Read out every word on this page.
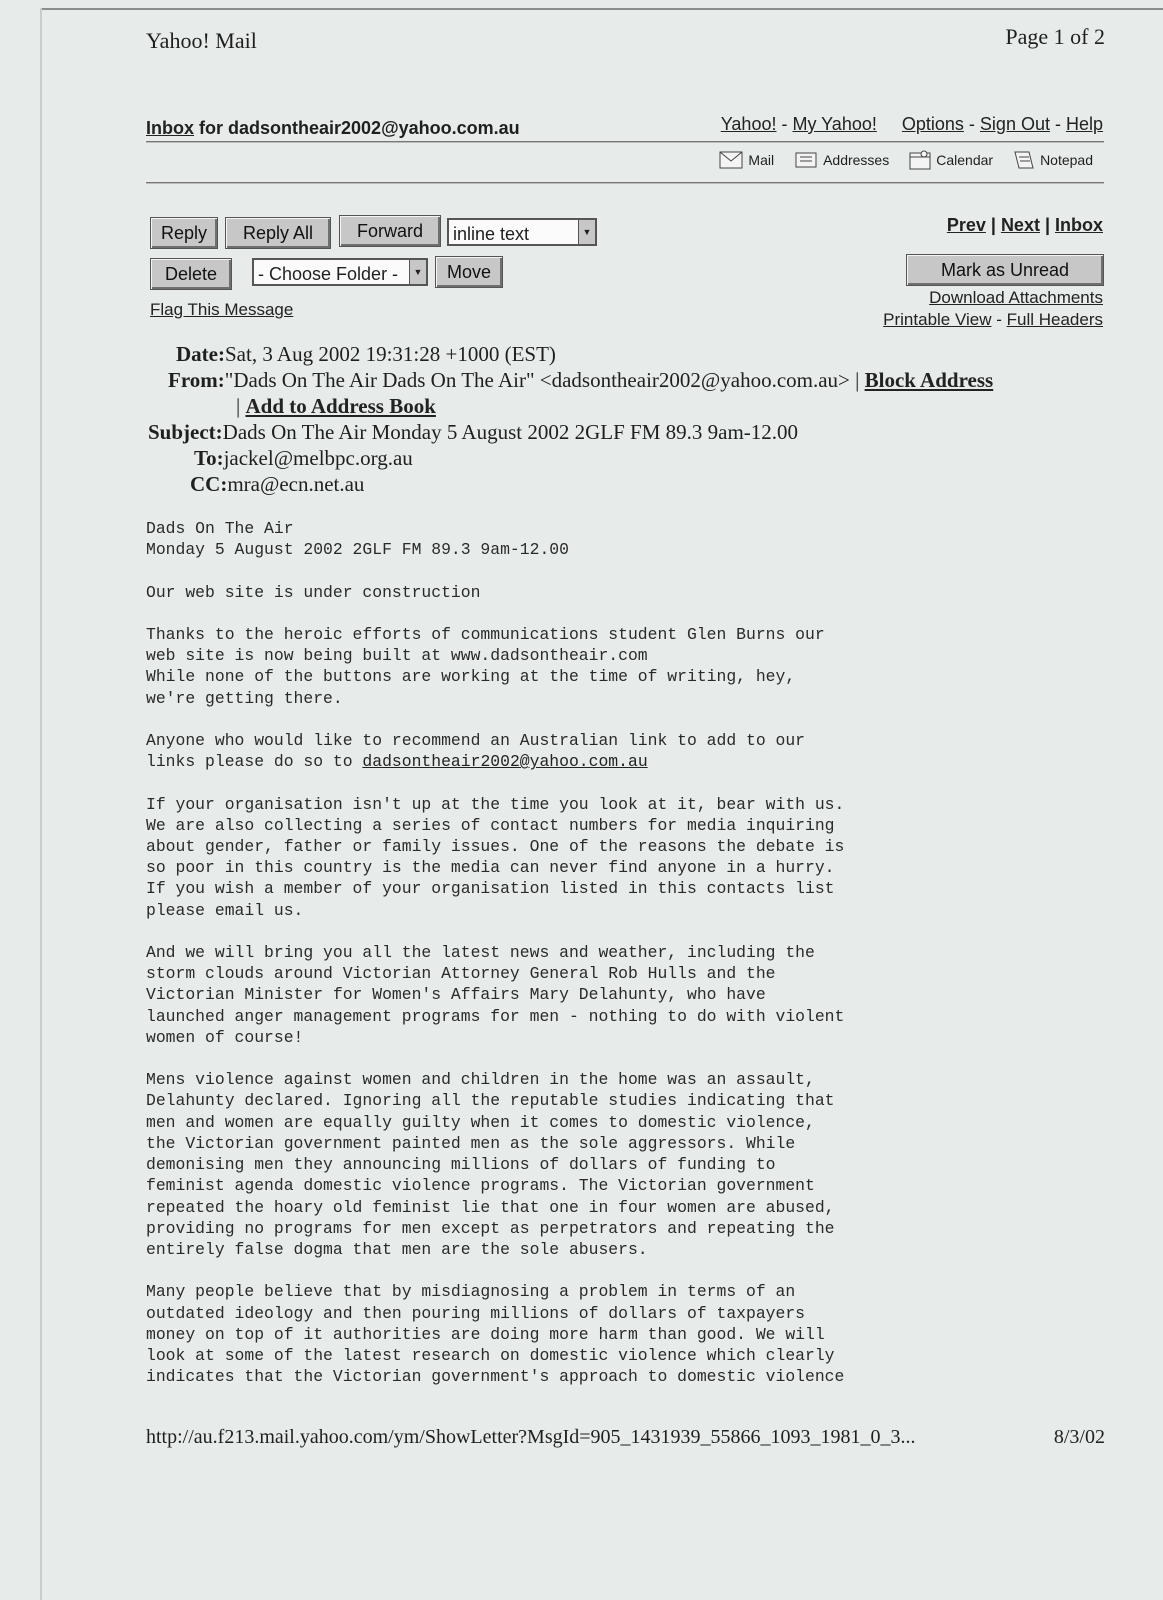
Yahoo! Mail	Page 1 of 2
Inbox for dadsontheair2002@yahoo.com.au	Yahoo! - My Yahoo! Options - Sign Out - Help
Mail	Addresses	Calendar	Notepad
Reply	Reply All	Forward	inline text	▼
Delete	- Choose Folder -	▼	Move
Prev | Next | Inbox
Mark as Unread
Flag This Message
Download Attachments
Printable View - Full Headers
Date:Sat, 3 Aug 2002 19:31:28 +1000 (EST)
From:"Dads On The Air Dads On The Air" <dadsontheair2002@yahoo.com.au> | Block Address
| Add to Address Book
Subject:Dads On The Air Monday 5 August 2002 2GLF FM 89.3 9am-12.00
To:jackel@melbpc.org.au
CC:mra@ecn.net.au
Dads On The Air
Monday 5 August 2002 2GLF FM 89.3 9am-12.00

Our web site is under construction

Thanks to the heroic efforts of communications student Glen Burns our
web site is now being built at www.dadsontheair.com
While none of the buttons are working at the time of writing, hey,
we're getting there.

Anyone who would like to recommend an Australian link to add to our
links please do so to dadsontheair2002@yahoo.com.au

If your organisation isn't up at the time you look at it, bear with us.
We are also collecting a series of contact numbers for media inquiring
about gender, father or family issues. One of the reasons the debate is
so poor in this country is the media can never find anyone in a hurry.
If you wish a member of your organisation listed in this contacts list
please email us.

And we will bring you all the latest news and weather, including the
storm clouds around Victorian Attorney General Rob Hulls and the
Victorian Minister for Women's Affairs Mary Delahunty, who have
launched anger management programs for men - nothing to do with violent
women of course!

Mens violence against women and children in the home was an assault,
Delahunty declared. Ignoring all the reputable studies indicating that
men and women are equally guilty when it comes to domestic violence,
the Victorian government painted men as the sole aggressors. While
demonising men they announcing millions of dollars of funding to
feminist agenda domestic violence programs. The Victorian government
repeated the hoary old feminist lie that one in four women are abused,
providing no programs for men except as perpetrators and repeating the
entirely false dogma that men are the sole abusers.

Many people believe that by misdiagnosing a problem in terms of an
outdated ideology and then pouring millions of dollars of taxpayers
money on top of it authorities are doing more harm than good. We will
look at some of the latest research on domestic violence which clearly
indicates that the Victorian government's approach to domestic violence
http://au.f213.mail.yahoo.com/ym/ShowLetter?MsgId=905_1431939_55866_1093_1981_0_3...	8/3/02
